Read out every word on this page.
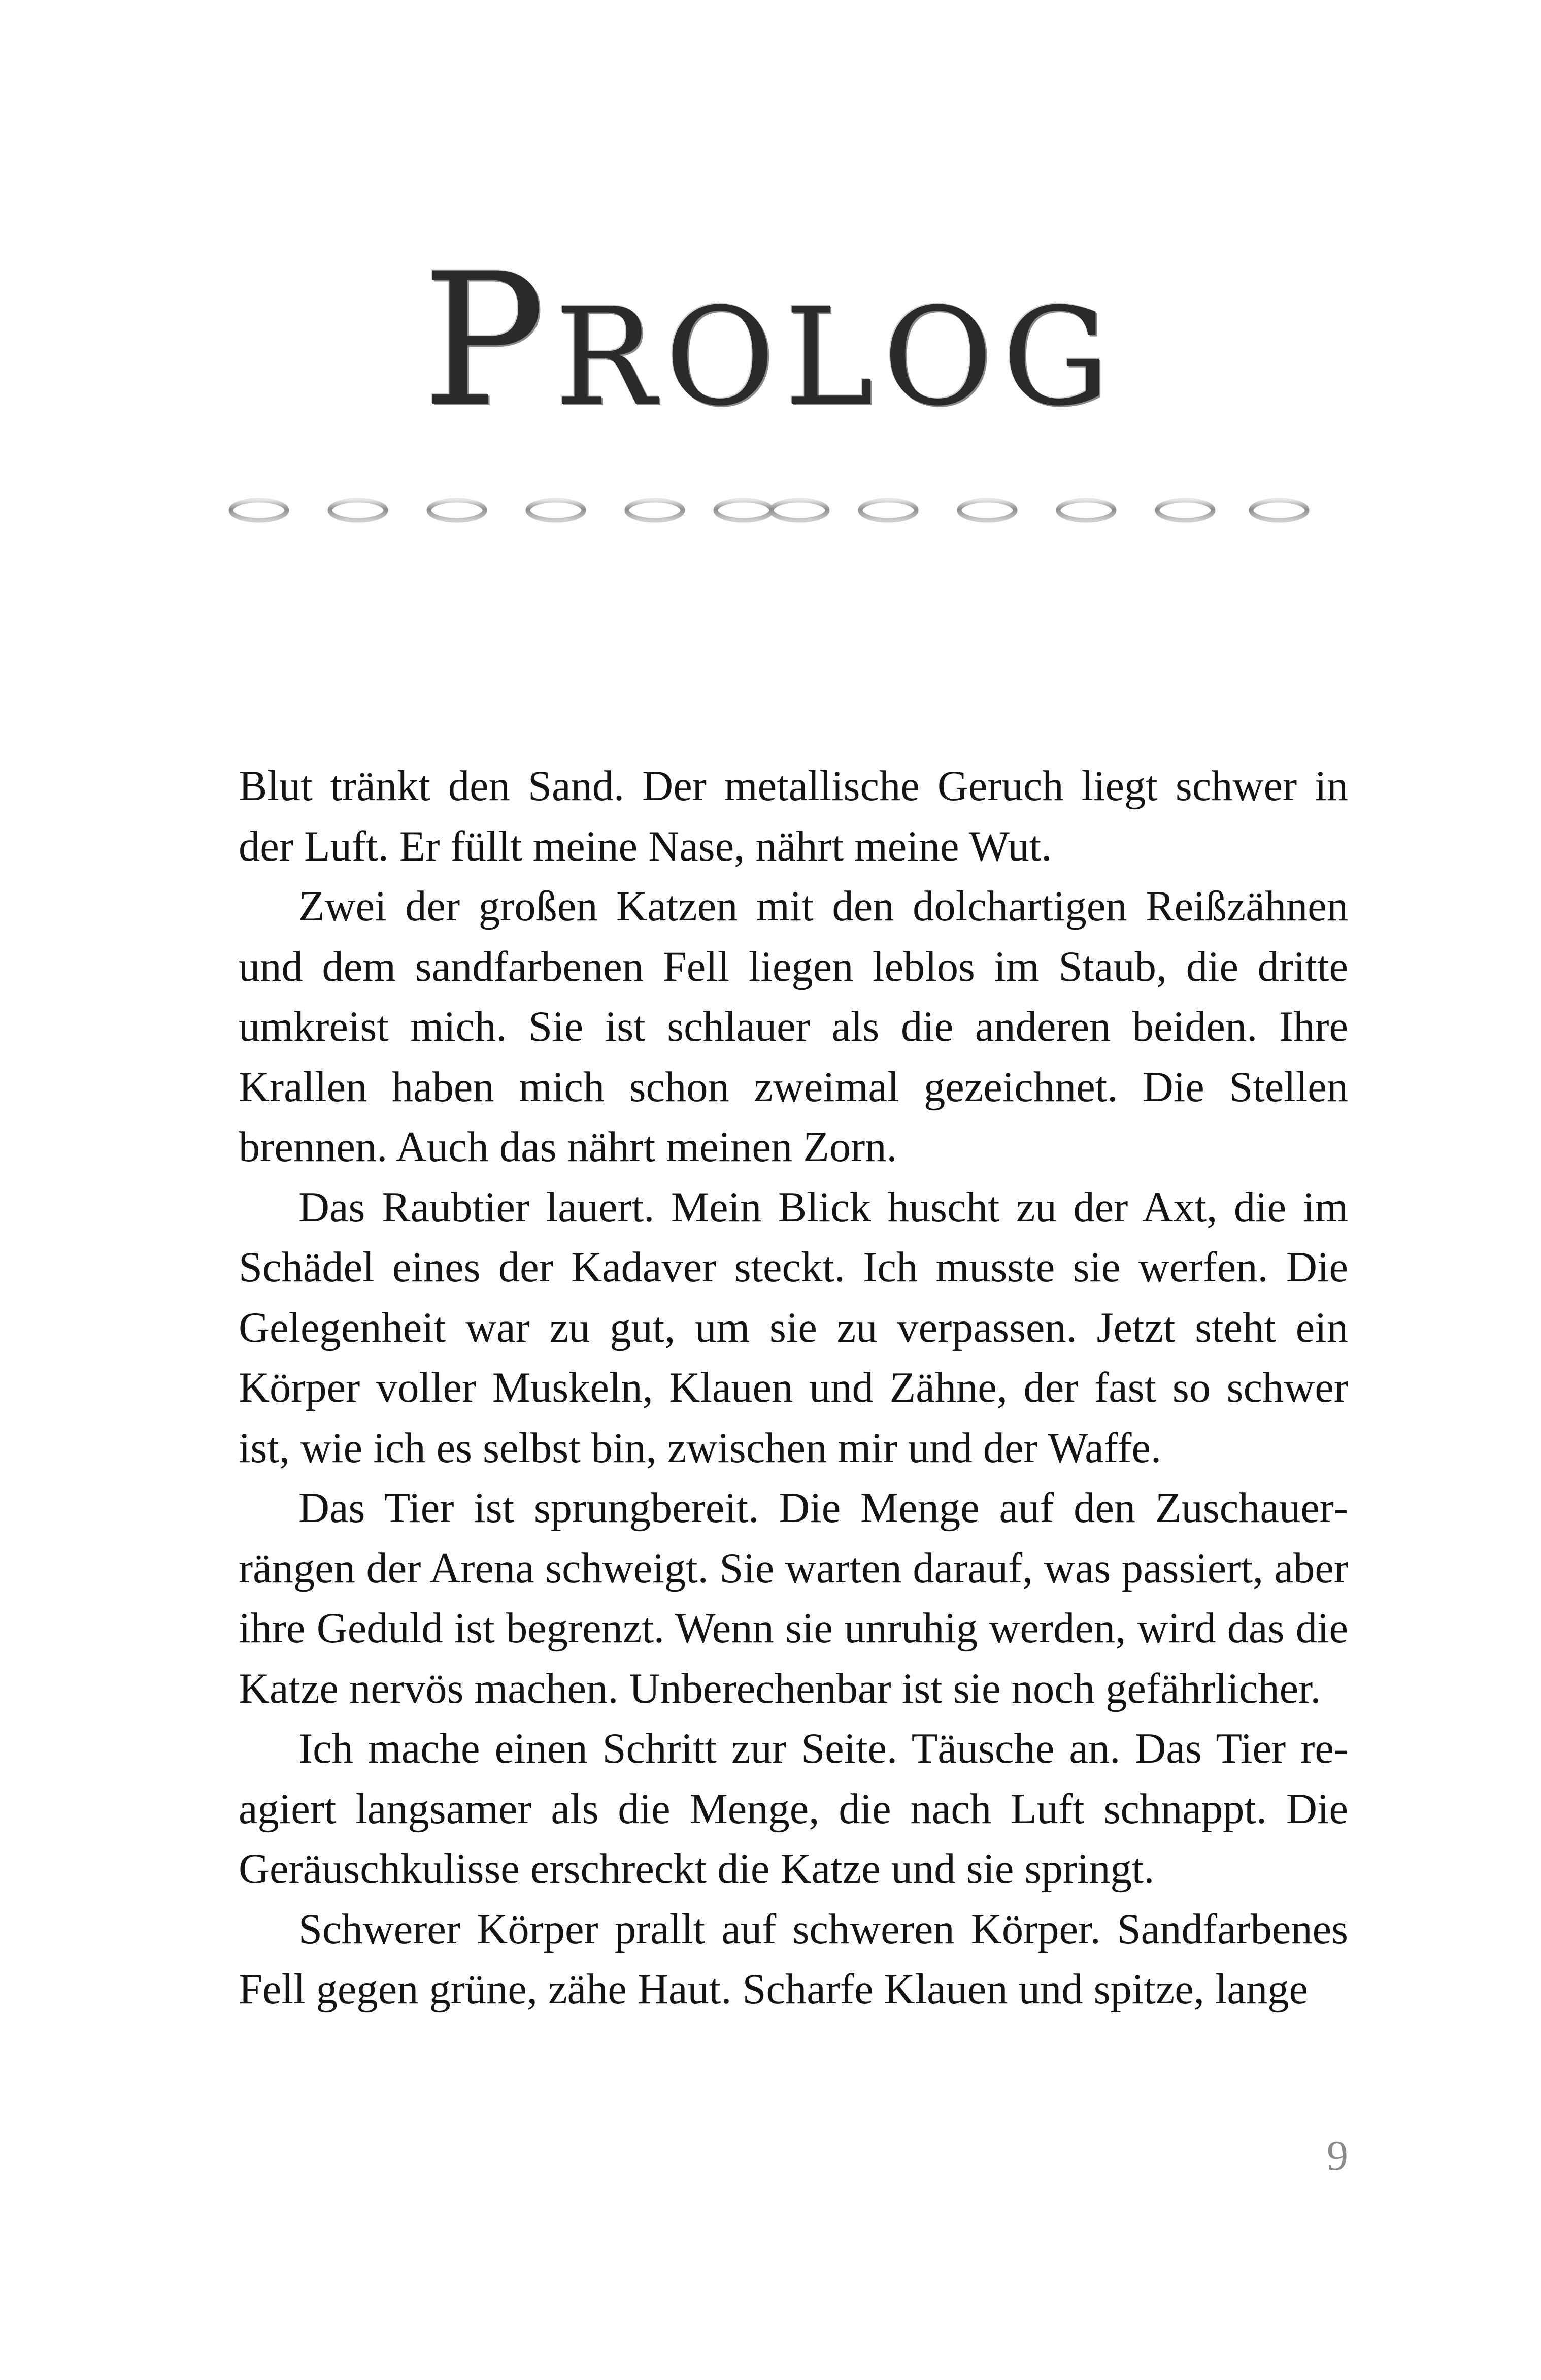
PROLOG

Blut tränkt den Sand. Der metallische Geruch liegt schwer in der Luft. Er füllt meine Nase, nährt meine Wut.

Zwei der großen Katzen mit den dolchartigen Reißzähnen und dem sandfarbenen Fell liegen leblos im Staub, die dritte umkreist mich. Sie ist schlauer als die anderen beiden. Ihre Krallen haben mich schon zweimal gezeichnet. Die Stellen brennen. Auch das nährt meinen Zorn.

Das Raubtier lauert. Mein Blick huscht zu der Axt, die im Schädel eines der Kadaver steckt. Ich musste sie werfen. Die Gelegenheit war zu gut, um sie zu verpassen. Jetzt steht ein Körper voller Muskeln, Klauen und Zähne, der fast so schwer ist, wie ich es selbst bin, zwischen mir und der Waffe.

Das Tier ist sprungbereit. Die Menge auf den Zuschauerrängen der Arena schweigt. Sie warten darauf, was passiert, aber ihre Geduld ist begrenzt. Wenn sie unruhig werden, wird das die Katze nervös machen. Unberechenbar ist sie noch gefährlicher.

Ich mache einen Schritt zur Seite. Täusche an. Das Tier reagiert langsamer als die Menge, die nach Luft schnappt. Die Geräuschkulisse erschreckt die Katze und sie springt.

Schwerer Körper prallt auf schweren Körper. Sandfarbenes Fell gegen grüne, zähe Haut. Scharfe Klauen und spitze, lange

9
